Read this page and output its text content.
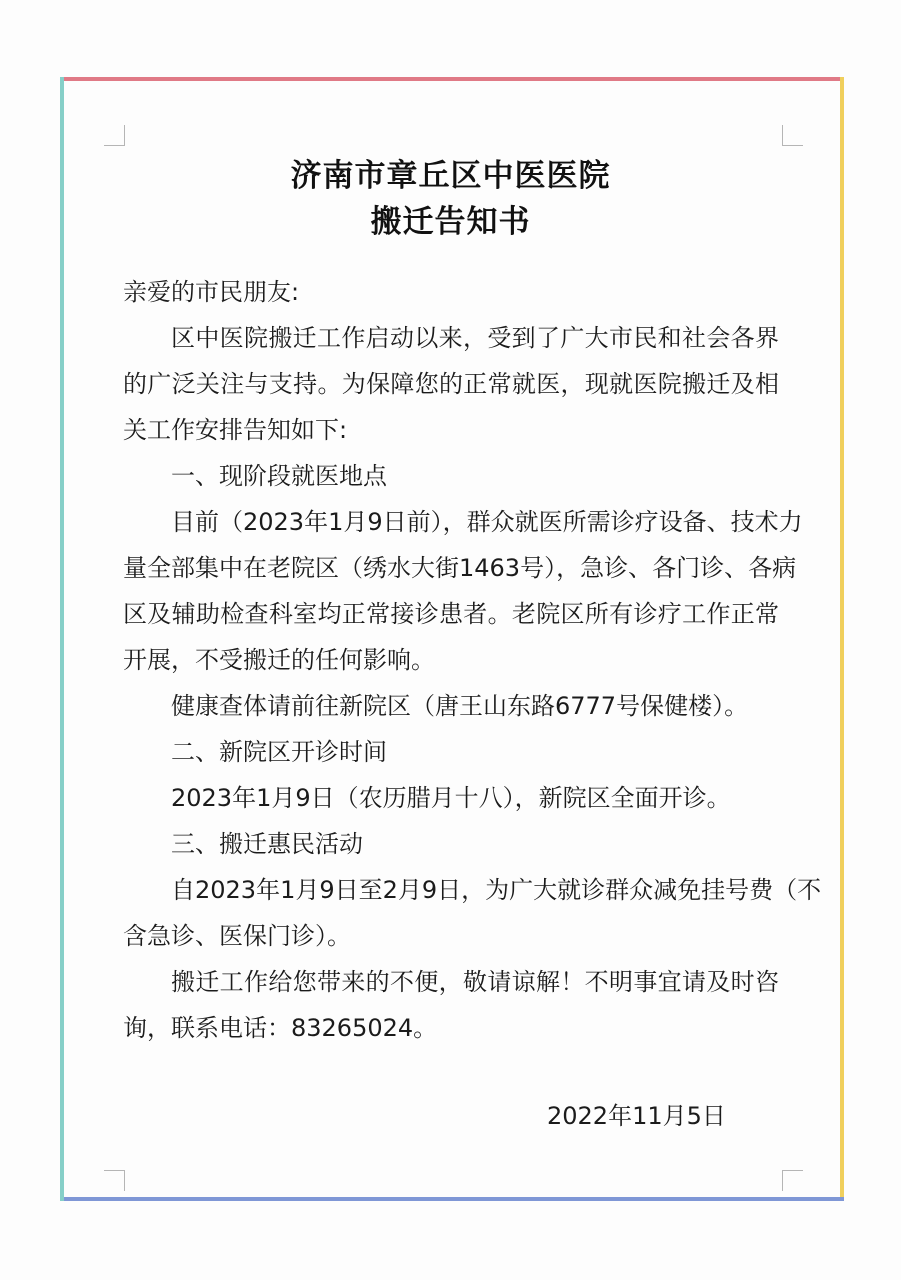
济南市章丘区中医医院
搬迁告知书
亲爱的市民朋友:
区中医院搬迁工作启动以来，受到了广大市民和社会各界
的广泛关注与支持。为保障您的正常就医，现就医院搬迁及相
关工作安排告知如下:
一、现阶段就医地点
目前（2023年1月9日前），群众就医所需诊疗设备、技术力
量全部集中在老院区（绣水大街1463号），急诊、各门诊、各病
区及辅助检查科室均正常接诊患者。老院区所有诊疗工作正常
开展，不受搬迁的任何影响。
健康查体请前往新院区（唐王山东路6777号保健楼）。
二、新院区开诊时间
2023年1月9日（农历腊月十八），新院区全面开诊。
三、搬迁惠民活动
自2023年1月9日至2月9日，为广大就诊群众减免挂号费（不
含急诊、医保门诊）。
搬迁工作给您带来的不便，敬请谅解！不明事宜请及时咨
询，联系电话：83265024。
2022年11月5日
